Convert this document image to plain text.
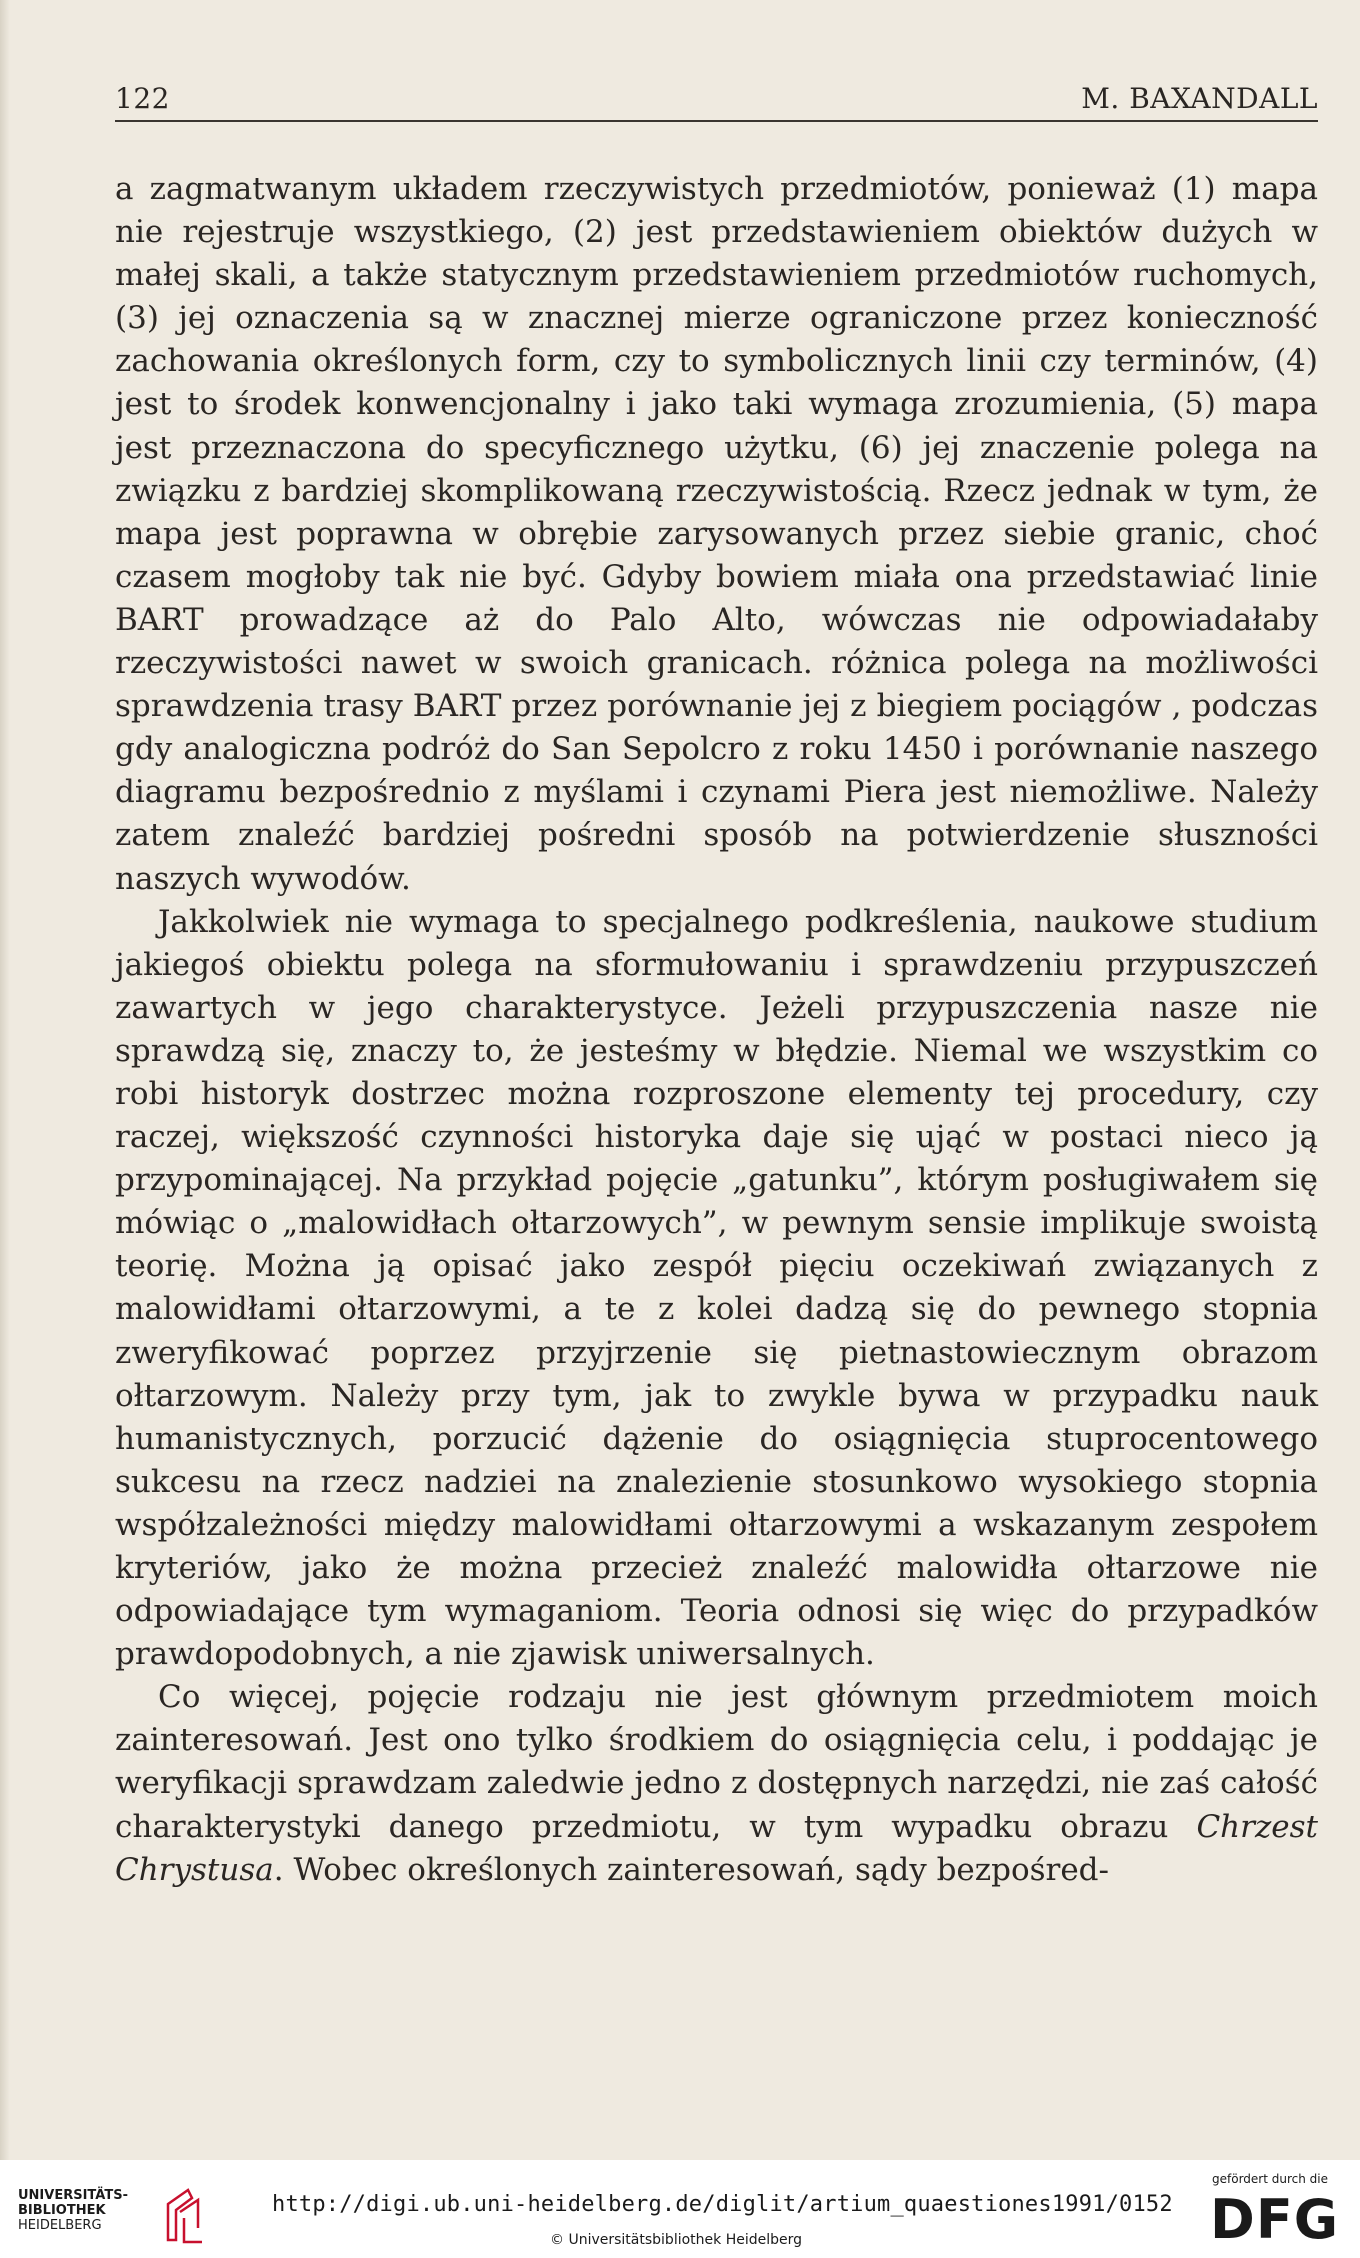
122	M. BAXANDALL

a zagmatwanym układem rzeczywistych przedmiotów, ponieważ (1) mapa nie rejestruje wszystkiego, (2) jest przedstawieniem obiektów dużych w małej skali, a także statycznym przedstawieniem przedmiotów ruchomych, (3) jej oznaczenia są w znacznej mierze ograniczone przez konieczność zachowania określonych form, czy to symbolicznych linii czy terminów, (4) jest to środek konwencjonalny i jako taki wymaga zrozumienia, (5) mapa jest przeznaczona do specyficznego użytku, (6) jej znaczenie polega na związku z bardziej skomplikowaną rzeczywistością. Rzecz jednak w tym, że mapa jest poprawna w obrębie zarysowanych przez siebie granic, choć czasem mogłoby tak nie być. Gdyby bowiem miała ona przedstawiać linie BART prowadzące aż do Palo Alto, wówczas nie odpowiadałaby rzeczywistości nawet w swoich granicach. różnica polega na możliwości sprawdzenia trasy BART przez porównanie jej z biegiem pociągów , podczas gdy analogiczna podróż do San Sepolcro z roku 1450 i porównanie naszego diagramu bezpośrednio z myślami i czynami Piera jest niemożliwe. Należy zatem znaleźć bardziej pośredni sposób na potwierdzenie słuszności naszych wywodów.

Jakkolwiek nie wymaga to specjalnego podkreślenia, naukowe studium jakiegoś obiektu polega na sformułowaniu i sprawdzeniu przypuszczeń zawartych w jego charakterystyce. Jeżeli przypuszczenia nasze nie sprawdzą się, znaczy to, że jesteśmy w błędzie. Niemal we wszystkim co robi historyk dostrzec można rozproszone elementy tej procedury, czy raczej, większość czynności historyka daje się ująć w postaci nieco ją przypominającej. Na przykład pojęcie „gatunku”, którym posługiwałem się mówiąc o „malowidłach ołtarzowych”, w pewnym sensie implikuje swoistą teorię. Można ją opisać jako zespół pięciu oczekiwań związanych z malowidłami ołtarzowymi, a te z kolei dadzą się do pewnego stopnia zweryfikować poprzez przyjrzenie się pietnastowiecznym obrazom ołtarzowym. Należy przy tym, jak to zwykle bywa w przypadku nauk humanistycznych, porzucić dążenie do osiągnięcia stuprocentowego sukcesu na rzecz nadziei na znalezienie stosunkowo wysokiego stopnia współzależności między malowidłami ołtarzowymi a wskazanym zespołem kryteriów, jako że można przecież znaleźć malowidła ołtarzowe nie odpowiadające tym wymaganiom. Teoria odnosi się więc do przypadków prawdopodobnych, a nie zjawisk uniwersalnych.

Co więcej, pojęcie rodzaju nie jest głównym przedmiotem moich zainteresowań. Jest ono tylko środkiem do osiągnięcia celu, i poddając je weryfikacji sprawdzam zaledwie jedno z dostępnych narzędzi, nie zaś całość charakterystyki danego przedmiotu, w tym wypadku obrazu Chrzest Chrystusa. Wobec określonych zainteresowań, sądy bezpośred-

UNIVERSITÄTS-
BIBLIOTHEK
HEIDELBERG
http://digi.ub.uni-heidelberg.de/diglit/artium_quaestiones1991/0152
© Universitätsbibliothek Heidelberg
gefördert durch die
DFG
